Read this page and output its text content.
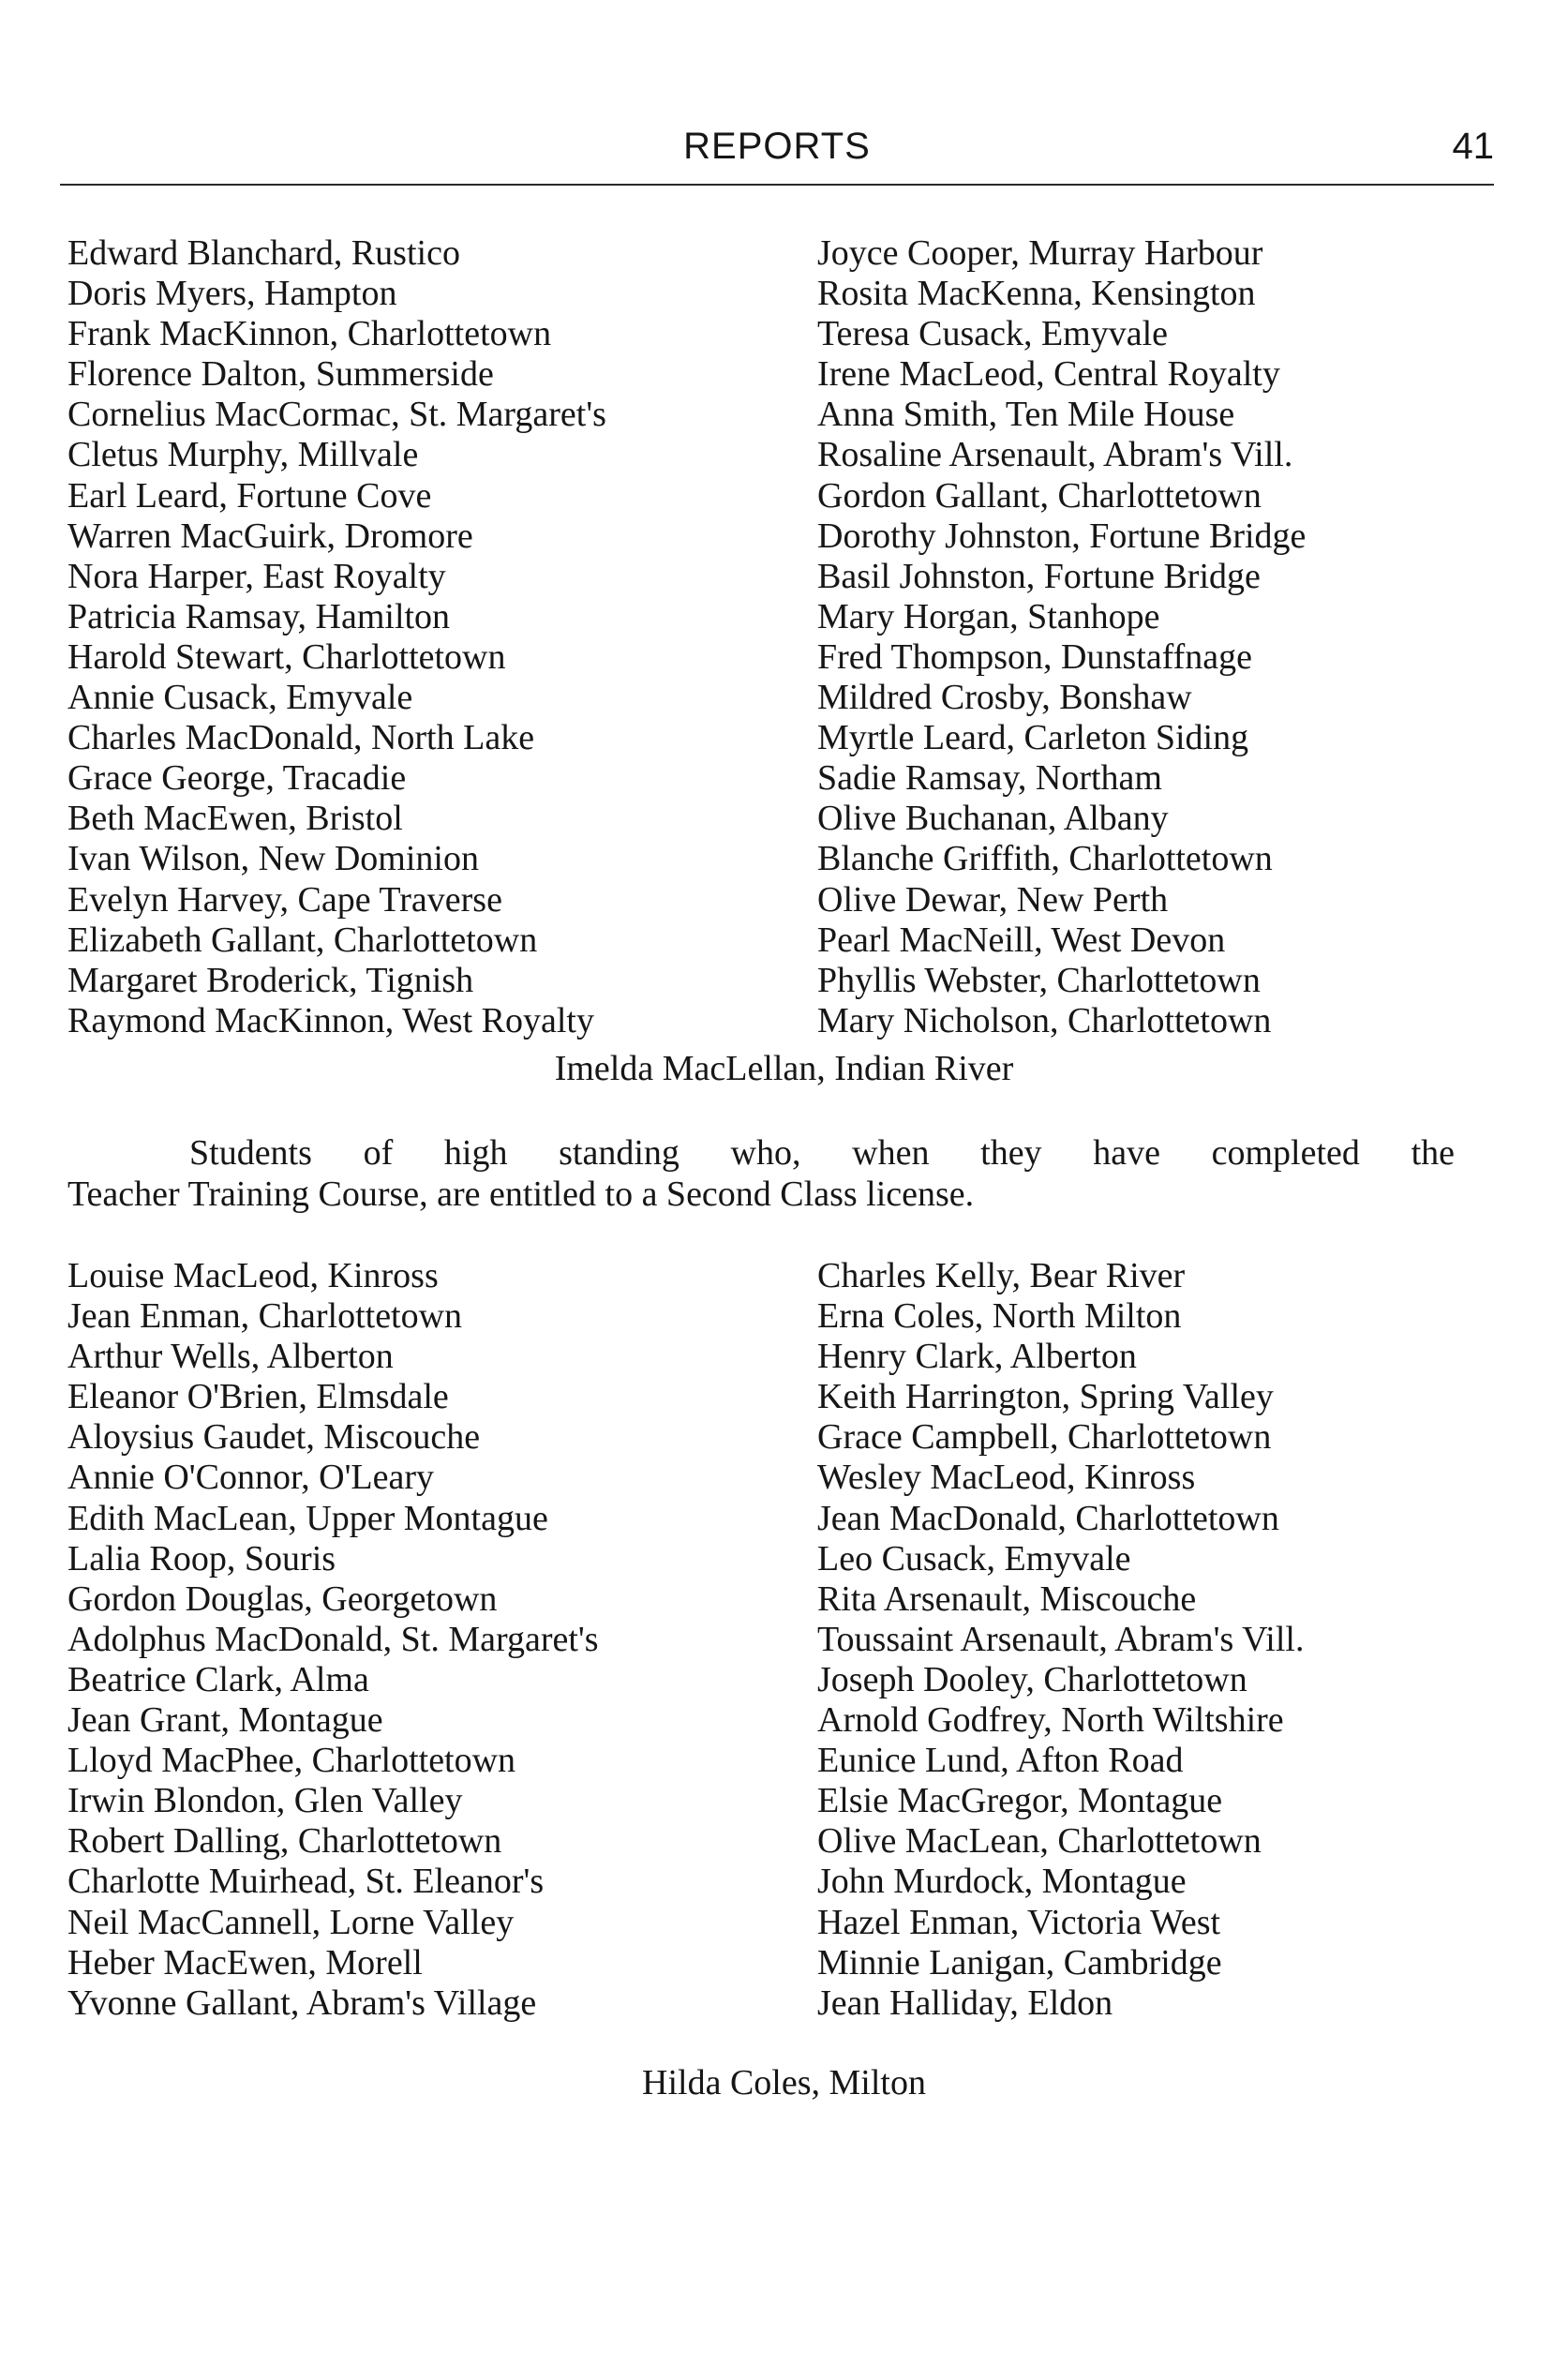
REPORTS	41
Edward Blanchard, Rustico	Joyce Cooper, Murray Harbour
Doris Myers, Hampton	Rosita MacKenna, Kensington
Frank MacKinnon, Charlottetown	Teresa Cusack, Emyvale
Florence Dalton, Summerside	Irene MacLeod, Central Royalty
Cornelius MacCormac, St. Margaret's	Anna Smith, Ten Mile House
Cletus Murphy, Millvale	Rosaline Arsenault, Abram's Vill.
Earl Leard, Fortune Cove	Gordon Gallant, Charlottetown
Warren MacGuirk, Dromore	Dorothy Johnston, Fortune Bridge
Nora Harper, East Royalty	Basil Johnston, Fortune Bridge
Patricia Ramsay, Hamilton	Mary Horgan, Stanhope
Harold Stewart, Charlottetown	Fred Thompson, Dunstaffnage
Annie Cusack, Emyvale	Mildred Crosby, Bonshaw
Charles MacDonald, North Lake	Myrtle Leard, Carleton Siding
Grace George, Tracadie	Sadie Ramsay, Northam
Beth MacEwen, Bristol	Olive Buchanan, Albany
Ivan Wilson, New Dominion	Blanche Griffith, Charlottetown
Evelyn Harvey, Cape Traverse	Olive Dewar, New Perth
Elizabeth Gallant, Charlottetown	Pearl MacNeill, West Devon
Margaret Broderick, Tignish	Phyllis Webster, Charlottetown
Raymond MacKinnon, West Royalty	Mary Nicholson, Charlottetown
Imelda MacLellan, Indian River
Students of high standing who, when they have completed the
Teacher Training Course, are entitled to a Second Class license.
Louise MacLeod, Kinross	Charles Kelly, Bear River
Jean Enman, Charlottetown	Erna Coles, North Milton
Arthur Wells, Alberton	Henry Clark, Alberton
Eleanor O'Brien, Elmsdale	Keith Harrington, Spring Valley
Aloysius Gaudet, Miscouche	Grace Campbell, Charlottetown
Annie O'Connor, O'Leary	Wesley MacLeod, Kinross
Edith MacLean, Upper Montague	Jean MacDonald, Charlottetown
Lalia Roop, Souris	Leo Cusack, Emyvale
Gordon Douglas, Georgetown	Rita Arsenault, Miscouche
Adolphus MacDonald, St. Margaret's	Toussaint Arsenault, Abram's Vill.
Beatrice Clark, Alma	Joseph Dooley, Charlottetown
Jean Grant, Montague	Arnold Godfrey, North Wiltshire
Lloyd MacPhee, Charlottetown	Eunice Lund, Afton Road
Irwin Blondon, Glen Valley	Elsie MacGregor, Montague
Robert Dalling, Charlottetown	Olive MacLean, Charlottetown
Charlotte Muirhead, St. Eleanor's	John Murdock, Montague
Neil MacCannell, Lorne Valley	Hazel Enman, Victoria West
Heber MacEwen, Morell	Minnie Lanigan, Cambridge
Yvonne Gallant, Abram's Village	Jean Halliday, Eldon
Hilda Coles, Milton
